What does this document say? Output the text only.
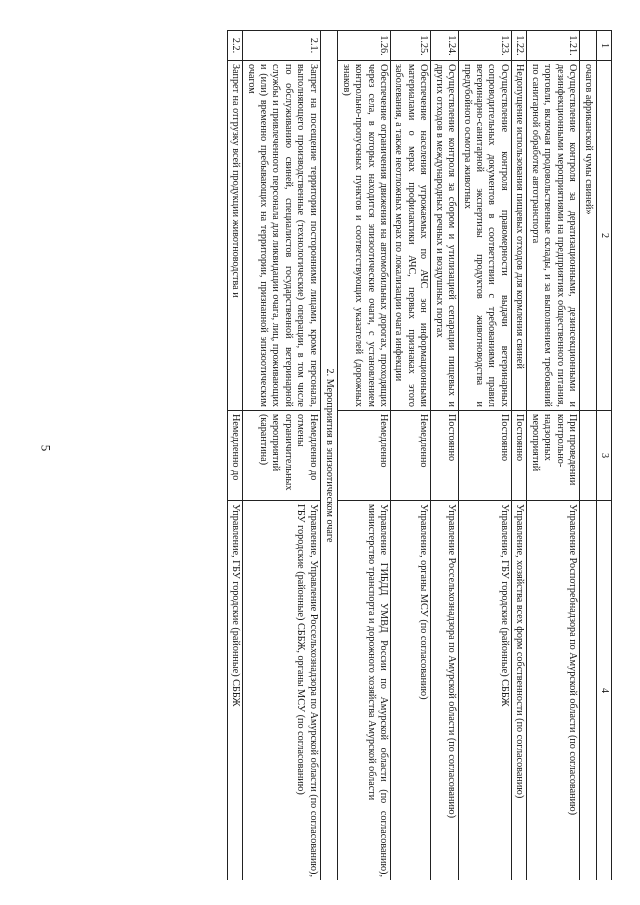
5
1	2	3	4
	очагов африканской чумы свиней»		
1.21.	Осуществление контроля за дератизационными, дезинсекционными и дезинфекционными мероприятиями на предприятиях общественного питания, торговли, включая продовольственные склады, и за выполнением требований по санитарной обработке автотранспорта	При проведении контрольно-надзорных мероприятий	Управление Роспотребнадзора по Амурской области (по согласованию)
1.22.	Недопущение использования пищевых отходов для кормления свиней	Постоянно	Управление, хозяйства всех форм собственности (по согласованию)
1.23.	Осуществление контроля правомерности выдачи ветеринарных сопроводительных документов в соответствии с требованиями правил ветеринарно-санитарной экспертизы продуктов животноводства и предубойного осмотра животных	Постоянно	Управление, ГБУ городские (районные) СББЖ
1.24.	Осуществление контроля за сбором и утилизацией сепарации пищевых и других отходов в международных речных и воздушных портах	Постоянно	Управление Россельхознадзора по Амурской области (по согласованию)
1.25.	Обеспечение населения угрожаемых по АЧС зон информационными материалами о мерах профилактики АЧС, первых признаках этого заболевания, а также неотложных мерах по локализации очага инфекции	Немедленно	Управление, органы МСУ (по согласованию)
1.26.	Обеспечение ограничения движения на автомобильных дорогах, проходящих через села, в которых находится эпизоотические очаги, с установлением контрольно-пропускных пунктов и соответствующих указателей (дорожных знаков)	Немедленно	Управление ГИБДД УМВД России по Амурской области (по согласованию), министерство транспорта и дорожного хозяйства Амурской области
2. Мероприятия в эпизоотическом очаге			
2.1.	Запрет на посещение территории посторонними лицами, кроме персонала, выполняющего производственные (технологические) операции, в том числе по обслуживанию свиней, специалистов государственной ветеринарной службы и привлеченного персонала для ликвидации очага, лиц, проживающих и (или) временно пребывающих на территории, признанной эпизоотическим очагом	Немедленно до отмены ограничительных мероприятий (карантина)	Управление, Управление Россельхознадзора по Амурской области (по согласованию), ГБУ городские (районные) СББЖ, органы МСУ (по согласованию)
2.2.	Запрет на отгрузку всей продукции животноводства и	Немедленно до	Управление, ГБУ городские (районные) СББЖ
